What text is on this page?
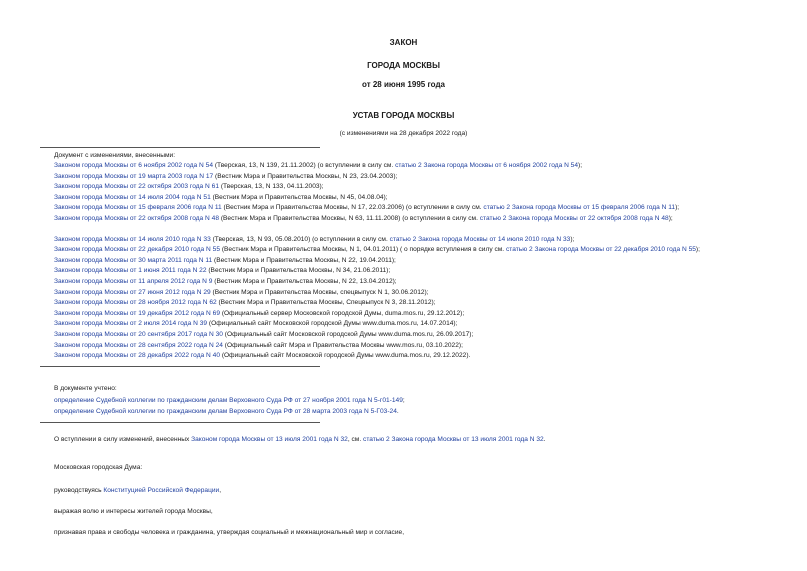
ЗАКОН
ГОРОДА МОСКВЫ
от 28 июня 1995 года
УСТАВ ГОРОДА МОСКВЫ
(с изменениями на 28 декабря 2022 года)
Документ с изменениями, внесенными:
Законом города Москвы от 6 ноября 2002 года N 54 (Тверская, 13, N 139, 21.11.2002) (о вступлении в силу см. статью 2 Закона города Москвы от 6 ноября 2002 года N 54);
Законом города Москвы от 19 марта 2003 года N 17 (Вестник Мэра и Правительства Москвы, N 23, 23.04.2003);
Законом города Москвы от 22 октября 2003 года N 61 (Тверская, 13, N 133, 04.11.2003);
Законом города Москвы от 14 июля 2004 года N 51 (Вестник Мэра и Правительства Москвы, N 45, 04.08.04);
Законом города Москвы от 15 февраля 2006 года N 11 (Вестник Мэра и Правительства Москвы, N 17, 22.03.2006) (о вступлении в силу см. статью 2 Закона города Москвы от 15 февраля 2006 года N 11);
Законом города Москвы от 22 октября 2008 года N 48 (Вестник Мэра и Правительства Москвы, N 63, 11.11.2008) (о вступлении в силу см. статью 2 Закона города Москвы от 22 октября 2008 года N 48);
Законом города Москвы от 14 июля 2010 года N 33 (Тверская, 13, N 93, 05.08.2010) (о вступлении в силу см. статью 2 Закона города Москвы от 14 июля 2010 года N 33);
Законом города Москвы от 22 декабря 2010 года N 55 (Вестник Мэра и Правительства Москвы, N 1, 04.01.2011) ( о порядке вступления в силу см. статью 2 Закона города Москвы от 22 декабря 2010 года N 55);
Законом города Москвы от 30 марта 2011 года N 11 (Вестник Мэра и Правительства Москвы, N 22, 19.04.2011);
Законом города Москвы от 1 июня 2011 года N 22 (Вестник Мэра и Правительства Москвы, N 34, 21.06.2011);
Законом города Москвы от 11 апреля 2012 года N 9 (Вестник Мэра и Правительства Москвы, N 22, 13.04.2012);
Законом города Москвы от 27 июня 2012 года N 29 (Вестник Мэра и Правительства Москвы, спецвыпуск N 1, 30.06.2012);
Законом города Москвы от 28 ноября 2012 года N 62 (Вестник Мэра и Правительства Москвы, Спецвыпуск N 3, 28.11.2012);
Законом города Москвы от 19 декабря 2012 года N 69 (Официальный сервер Московской городской Думы, duma.mos.ru, 29.12.2012);
Законом города Москвы от 2 июля 2014 года N 39 (Официальный сайт Московской городской Думы www.duma.mos.ru, 14.07.2014);
Законом города Москвы от 20 сентября 2017 года N 30 (Официальный сайт Московской городской Думы www.duma.mos.ru, 26.09.2017);
Законом города Москвы от 28 сентября 2022 года N 24 (Официальный сайт Мэра и Правительства Москвы www.mos.ru, 03.10.2022);
Законом города Москвы от 28 декабря 2022 года N 40 (Официальный сайт Московской городской Думы www.duma.mos.ru, 29.12.2022).
В документе учтено:
определение Судебной коллегии по гражданским делам Верховного Суда РФ от 27 ноября 2001 года N 5-г01-149;
определение Судебной коллегии по гражданским делам Верховного Суда РФ от 28 марта 2003 года N 5-Г03-24.
О вступлении в силу изменений, внесенных Законом города Москвы от 13 июля 2001 года N 32, см. статью 2 Закона города Москвы от 13 июля 2001 года N 32.
Московская городская Дума:
руководствуясь Конституцией Российской Федерации,
выражая волю и интересы жителей города Москвы,
признавая права и свободы человека и гражданина, утверждая социальный и межнациональный мир и согласие,
